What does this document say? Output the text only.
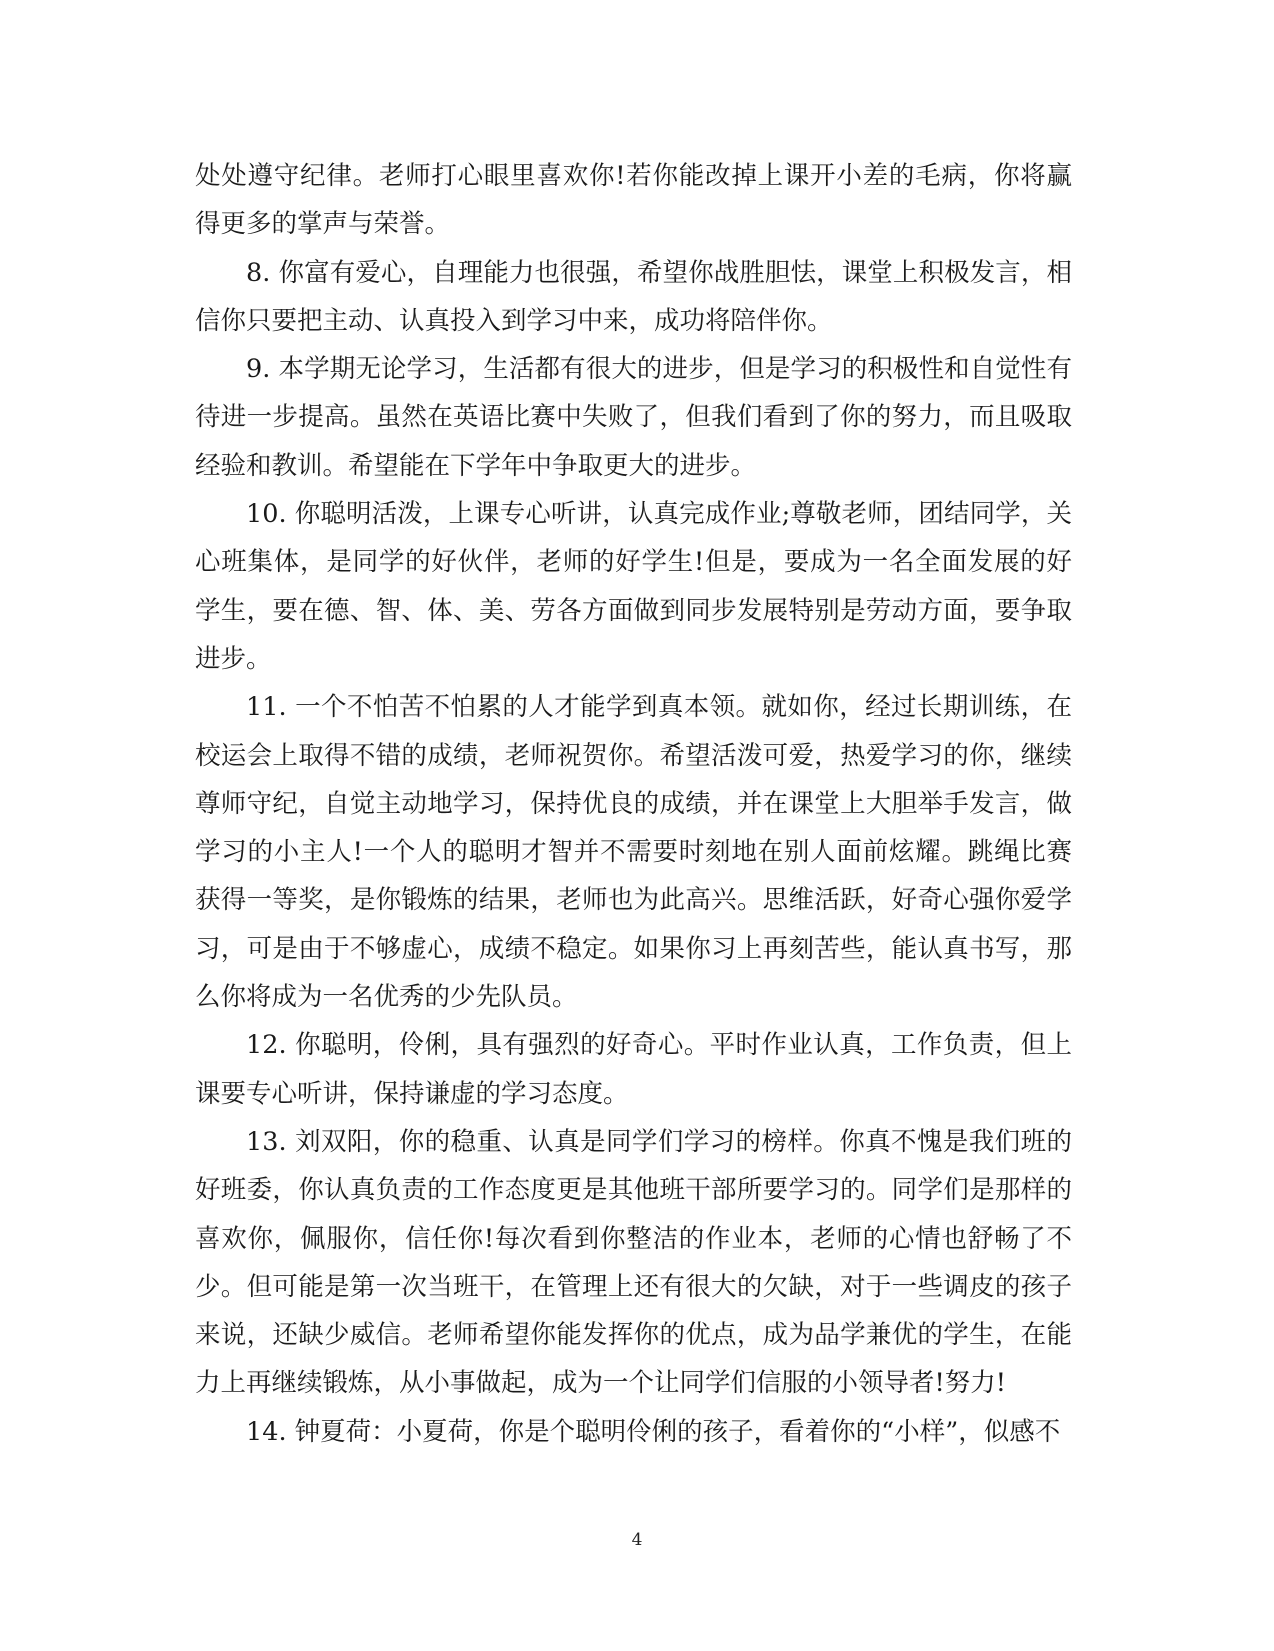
处处遵守纪律。老师打心眼里喜欢你!若你能改掉上课开小差的毛病，你将赢得更多的掌声与荣誉。

8. 你富有爱心，自理能力也很强，希望你战胜胆怯，课堂上积极发言，相信你只要把主动、认真投入到学习中来，成功将陪伴你。

9. 本学期无论学习，生活都有很大的进步，但是学习的积极性和自觉性有待进一步提高。虽然在英语比赛中失败了，但我们看到了你的努力，而且吸取经验和教训。希望能在下学年中争取更大的进步。

10. 你聪明活泼，上课专心听讲，认真完成作业;尊敬老师，团结同学，关心班集体，是同学的好伙伴，老师的好学生!但是，要成为一名全面发展的好学生，要在德、智、体、美、劳各方面做到同步发展特别是劳动方面，要争取进步。

11. 一个不怕苦不怕累的人才能学到真本领。就如你，经过长期训练，在校运会上取得不错的成绩，老师祝贺你。希望活泼可爱，热爱学习的你，继续尊师守纪，自觉主动地学习，保持优良的成绩，并在课堂上大胆举手发言，做学习的小主人!一个人的聪明才智并不需要时刻地在别人面前炫耀。跳绳比赛获得一等奖，是你锻炼的结果，老师也为此高兴。思维活跃，好奇心强你爱学习，可是由于不够虚心，成绩不稳定。如果你习上再刻苦些，能认真书写，那么你将成为一名优秀的少先队员。

12. 你聪明，伶俐，具有强烈的好奇心。平时作业认真，工作负责，但上课要专心听讲，保持谦虚的学习态度。

13. 刘双阳，你的稳重、认真是同学们学习的榜样。你真不愧是我们班的好班委，你认真负责的工作态度更是其他班干部所要学习的。同学们是那样的喜欢你，佩服你，信任你!每次看到你整洁的作业本，老师的心情也舒畅了不少。但可能是第一次当班干，在管理上还有很大的欠缺，对于一些调皮的孩子来说，还缺少威信。老师希望你能发挥你的优点，成为品学兼优的学生，在能力上再继续锻炼，从小事做起，成为一个让同学们信服的小领导者!努力!

14. 钟夏荷：小夏荷，你是个聪明伶俐的孩子，看着你的“小样”，似感不

4
